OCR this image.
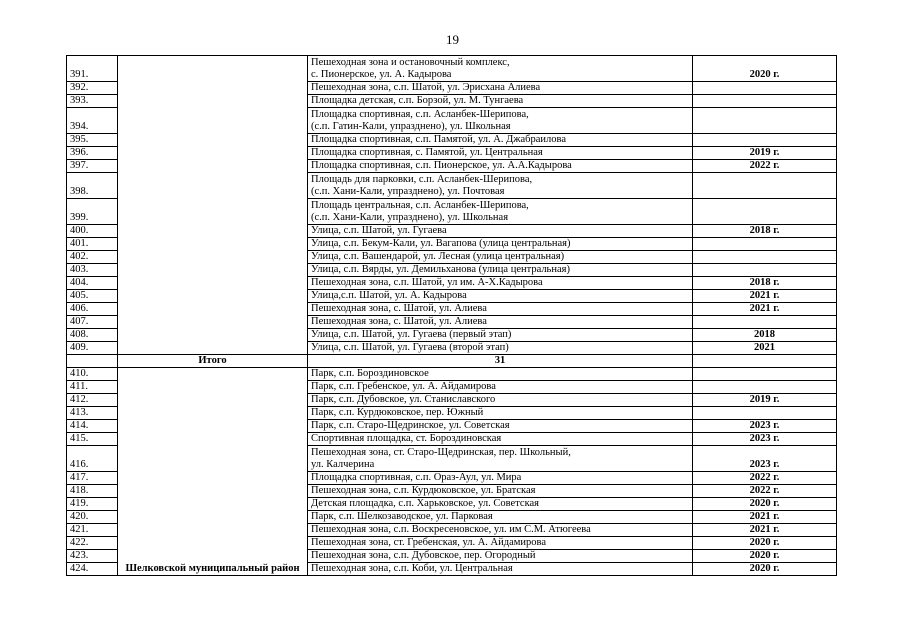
19
391.		Пешеходная зона и остановочный комплекс,
с. Пионерское, ул. А. Кадырова	2020 г.
392.		Пешеходная зона, с.п. Шатой, ул. Эрисхана Алиева	

393.		Площадка детская, с.п. Борзой, ул. М. Тунгаева	

394.		Площадка спортивная, с.п. Асланбек-Шерипова,
(с.п. Гатин-Кали, упразднено), ул. Школьная	

395.		Площадка спортивная, с.п. Памятой, ул. А. Джабраилова	

396.		Площадка спортивная, с. Памятой, ул. Центральная	2019 г.
397.		Площадка спортивная, с.п. Пионерское, ул. А.А.Кадырова	2022 г.
398.		Площадь для парковки, с.п. Асланбек-Шерипова,
(с.п. Хани-Кали, упразднено), ул. Почтовая	

399.		Площадь центральная, с.п. Асланбек-Шерипова,
(с.п. Хани-Кали, упразднено), ул. Школьная	

400.		Улица, с.п. Шатой, ул. Гугаева	2018 г.
401.		Улица, с.п. Бекум-Кали, ул. Вагапова (улица центральная)	

402.		Улица, с.п. Вашендарой, ул. Лесная (улица центральная)	

403.		Улица, с.п. Вярды, ул. Демильханова (улица центральная)	

404.		Пешеходная зона, с.п. Шатой, ул им. А-Х.Кадырова	2018 г.
405.		Улица,с.п. Шатой, ул. А. Кадырова	2021 г.
406.		Пешеходная зона, с. Шатой, ул. Алиева	2021 г.
407.		Пешеходная зона, с. Шатой, ул. Алиева	

408.		Улица, с.п. Шатой, ул. Гугаева (первый этап)	2018
409.		Улица, с.п. Шатой, ул. Гугаева (второй этап)	2021
	Итого	31	
410.	Шелковской муниципальный район	Парк, с.п. Бороздиновское	

411.		Парк, с.п. Гребенское, ул. А. Айдамирова	

412.		Парк, с.п. Дубовское, ул. Станиславского	2019 г.
413.		Парк, с.п. Курдюковское, пер. Южный	

414.		Парк, с.п. Старо-Щедринское, ул. Советская	2023 г.
415.		Спортивная площадка, ст. Бороздиновская	2023 г.
416.		Пешеходная зона, ст. Старо-Щедринская, пер. Школьный,
ул. Калчерина	2023 г.
417.		Площадка спортивная, с.п. Ораз-Аул, ул. Мира	2022 г.
418.		Пешеходная зона, с.п. Курдюковское, ул. Братская	2022 г.
419.		Детская площадка, с.п. Харьковское, ул. Советская	2020 г.
420.		Парк, с.п. Шелкозаводское, ул. Парковая	2021 г.
421.		Пешеходная зона, с.п. Воскресеновское, ул. им С.М. Атюгеева	2021 г.
422.		Пешеходная зона, ст. Гребенская, ул. А. Айдамирова	2020 г.
423.		Пешеходная зона, с.п. Дубовское, пер. Огородный	2020 г.
424.		Пешеходная зона, с.п. Коби, ул. Центральная	2020 г.
